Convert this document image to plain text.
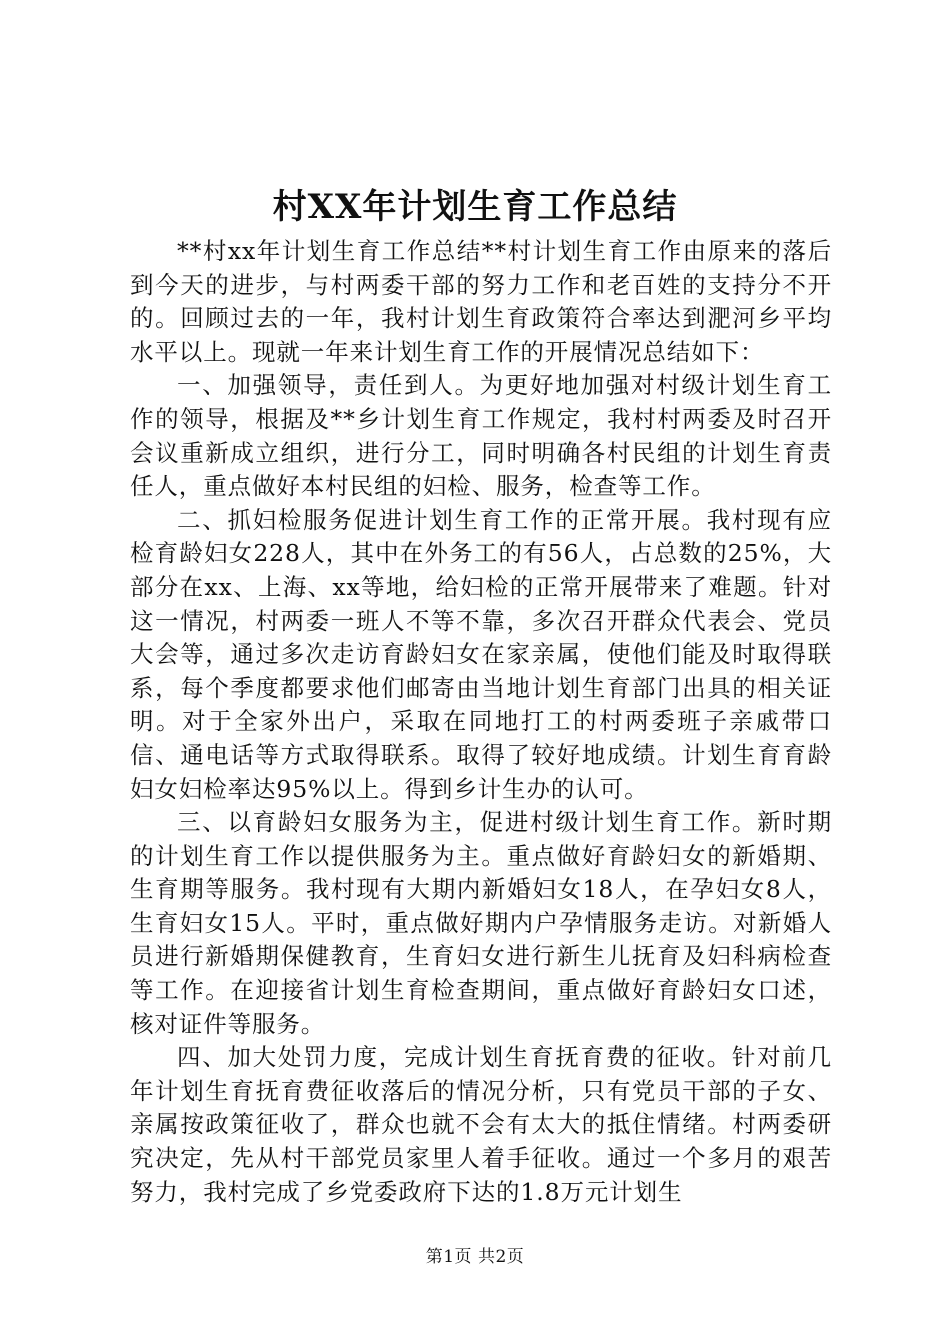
村XX年计划生育工作总结

**村xx年计划生育工作总结**村计划生育工作由原来的落后到今天的进步，与村两委干部的努力工作和老百姓的支持分不开的。回顾过去的一年，我村计划生育政策符合率达到淝河乡平均水平以上。现就一年来计划生育工作的开展情况总结如下：

一、加强领导，责任到人。为更好地加强对村级计划生育工作的领导，根据及**乡计划生育工作规定，我村村两委及时召开会议重新成立组织，进行分工，同时明确各村民组的计划生育责任人，重点做好本村民组的妇检、服务，检查等工作。

二、抓妇检服务促进计划生育工作的正常开展。我村现有应检育龄妇女228人，其中在外务工的有56人，占总数的25%，大部分在xx、上海、xx等地，给妇检的正常开展带来了难题。针对这一情况，村两委一班人不等不靠，多次召开群众代表会、党员大会等，通过多次走访育龄妇女在家亲属，使他们能及时取得联系，每个季度都要求他们邮寄由当地计划生育部门出具的相关证明。对于全家外出户，采取在同地打工的村两委班子亲戚带口信、通电话等方式取得联系。取得了较好地成绩。计划生育育龄妇女妇检率达95%以上。得到乡计生办的认可。

三、以育龄妇女服务为主，促进村级计划生育工作。新时期的计划生育工作以提供服务为主。重点做好育龄妇女的新婚期、生育期等服务。我村现有大期内新婚妇女18人，在孕妇女8人，生育妇女15人。平时，重点做好期内户孕情服务走访。对新婚人员进行新婚期保健教育，生育妇女进行新生儿抚育及妇科病检查等工作。在迎接省计划生育检查期间，重点做好育龄妇女口述，核对证件等服务。

四、加大处罚力度，完成计划生育抚育费的征收。针对前几年计划生育抚育费征收落后的情况分析，只有党员干部的子女、亲属按政策征收了，群众也就不会有太大的抵住情绪。村两委研究决定，先从村干部党员家里人着手征收。通过一个多月的艰苦努力，我村完成了乡党委政府下达的1.8万元计划生

第1页 共2页
